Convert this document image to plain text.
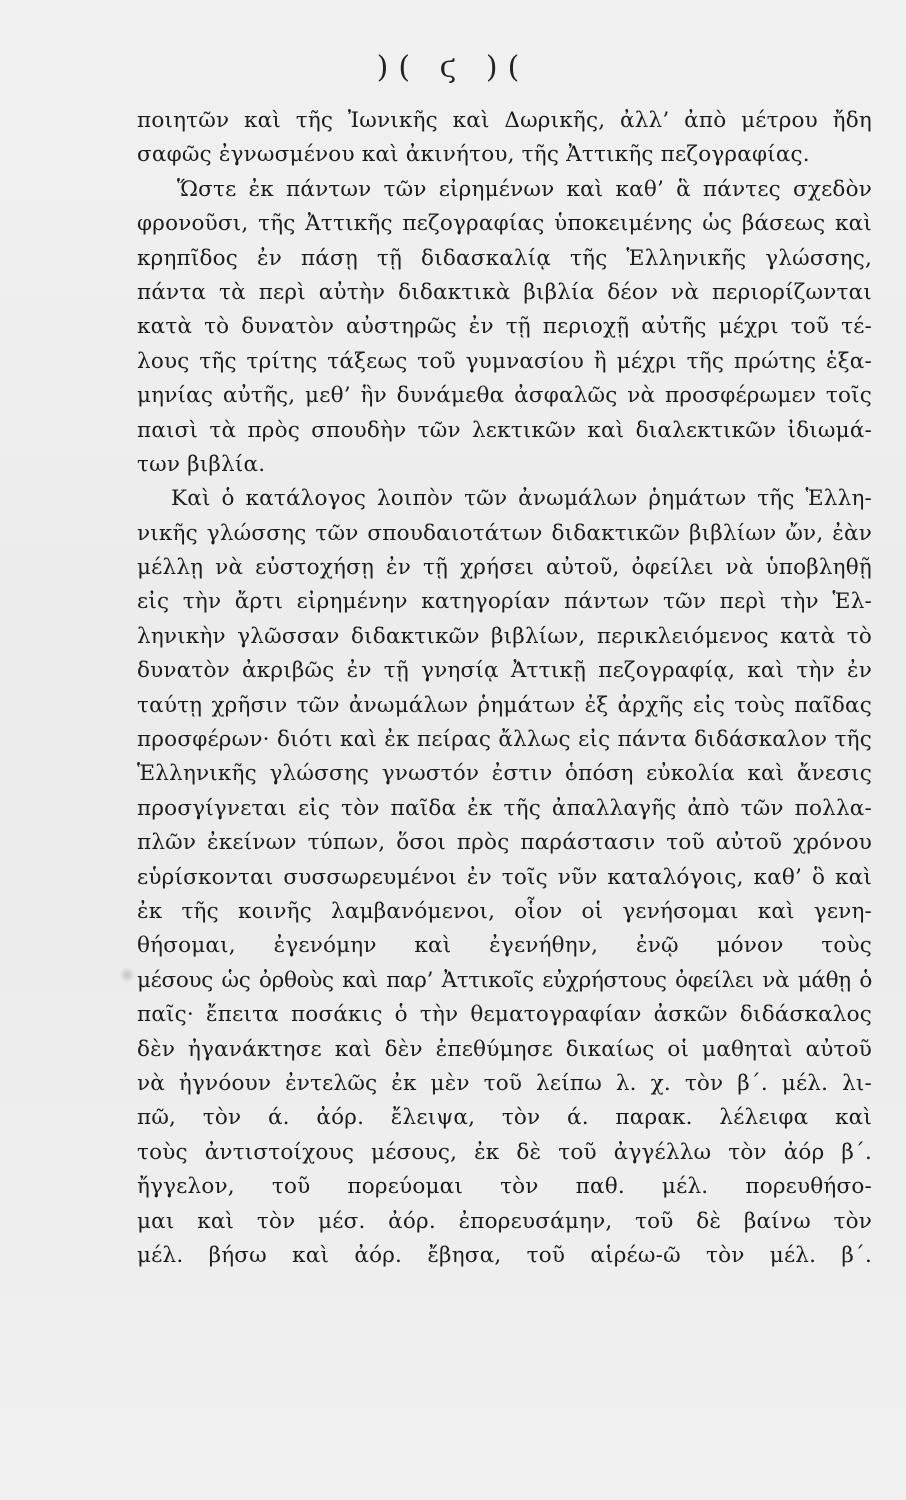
)( ϛ )(
ποιητῶν καὶ τῆς Ἰωνικῆς καὶ Δωρικῆς, ἀλλ’ ἀπὸ μέτρου ἤδη
σαφῶς ἐγνωσμένου καὶ ἀκινήτου, τῆς Ἀττικῆς πεζογραφίας.
Ὥστε ἐκ πάντων τῶν εἰρημένων καὶ καθ’ ἃ πάντες σχεδὸν
φρονοῦσι, τῆς Ἀττικῆς πεζογραφίας ὑποκειμένης ὡς βάσεως καὶ
κρηπῖδος ἐν πάσῃ τῇ διδασκαλίᾳ τῆς Ἑλληνικῆς γλώσσης,
πάντα τὰ περὶ αὐτὴν διδακτικὰ βιβλία δέον νὰ περιορίζωνται
κατὰ τὸ δυνατὸν αὐστηρῶς ἐν τῇ περιοχῇ αὐτῆς μέχρι τοῦ τέ-
λους τῆς τρίτης τάξεως τοῦ γυμνασίου ἢ μέχρι τῆς πρώτης ἑξα-
μηνίας αὐτῆς, μεθ’ ἣν δυνάμεθα ἀσφαλῶς νὰ προσφέρωμεν τοῖς
παισὶ τὰ πρὸς σπουδὴν τῶν λεκτικῶν καὶ διαλεκτικῶν ἰδιωμά-
των βιβλία.
Καὶ ὁ κατάλογος λοιπὸν τῶν ἀνωμάλων ῥημάτων τῆς Ἑλλη-
νικῆς γλώσσης τῶν σπουδαιοτάτων διδακτικῶν βιβλίων ὤν, ἐὰν
μέλλῃ νὰ εὐστοχήσῃ ἐν τῇ χρήσει αὐτοῦ, ὀφείλει νὰ ὑποβληθῇ
εἰς τὴν ἄρτι εἰρημένην κατηγορίαν πάντων τῶν περὶ τὴν Ἑλ-
ληνικὴν γλῶσσαν διδακτικῶν βιβλίων, περικλειόμενος κατὰ τὸ
δυνατὸν ἀκριβῶς ἐν τῇ γνησίᾳ Ἀττικῇ πεζογραφίᾳ, καὶ τὴν ἐν
ταύτῃ χρῆσιν τῶν ἀνωμάλων ῥημάτων ἐξ ἀρχῆς εἰς τοὺς παῖδας
προσφέρων· διότι καὶ ἐκ πείρας ἄλλως εἰς πάντα διδάσκαλον τῆς
Ἑλληνικῆς γλώσσης γνωστόν ἐστιν ὁπόση εὐκολία καὶ ἄνεσις
προσγίγνεται εἰς τὸν παῖδα ἐκ τῆς ἀπαλλαγῆς ἀπὸ τῶν πολλα-
πλῶν ἐκείνων τύπων, ὅσοι πρὸς παράστασιν τοῦ αὐτοῦ χρόνου
εὑρίσκονται συσσωρευμένοι ἐν τοῖς νῦν καταλόγοις, καθ’ ὃ καὶ
ἐκ τῆς κοινῆς λαμβανόμενοι, οἷον οἱ γενήσομαι καὶ γενη-
θήσομαι, ἐγενόμην καὶ ἐγενήθην, ἐνῷ μόνον τοὺς
μέσους ὡς ὀρθοὺς καὶ παρ’ Ἀττικοῖς εὐχρήστους ὀφείλει νὰ μάθῃ ὁ
παῖς· ἔπειτα ποσάκις ὁ τὴν θεματογραφίαν ἀσκῶν διδάσκαλος
δὲν ἠγανάκτησε καὶ δὲν ἐπεθύμησε δικαίως οἱ μαθηταὶ αὐτοῦ
νὰ ἠγνόουν ἐντελῶς ἐκ μὲν τοῦ λείπω λ. χ. τὸν β΄. μέλ. λι-
πῶ, τὸν ά. ἀόρ. ἔλειψα, τὸν ά. παρακ. λέλειφα καὶ
τοὺς ἀντιστοίχους μέσους, ἐκ δὲ τοῦ ἀγγέλλω τὸν ἀόρ β΄.
ἤγγελον, τοῦ πορεύομαι τὸν παθ. μέλ. πορευθήσο-
μαι καὶ τὸν μέσ. ἀόρ. ἐπορευσάμην, τοῦ δὲ βαίνω τὸν
μέλ. βήσω καὶ ἀόρ. ἔβησα, τοῦ αἱρέω-ῶ τὸν μέλ. β΄.
